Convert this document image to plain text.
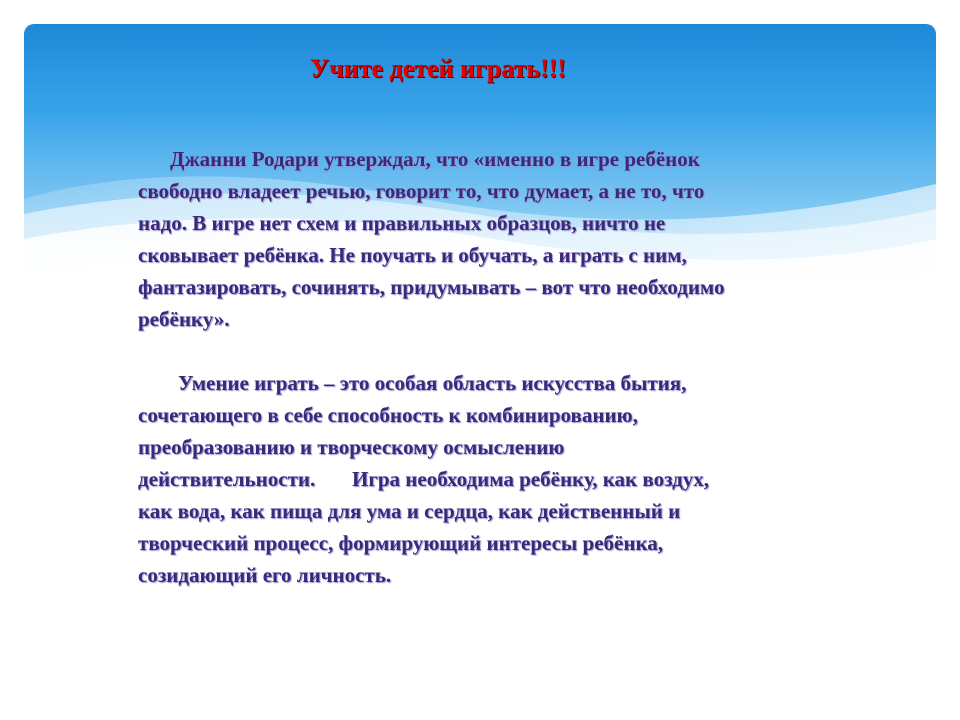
Учите детей играть!!!
Джанни Родари утверждал, что «именно в игре ребёнок
свободно владеет речью, говорит то, что думает, а не то, что
надо. В игре нет схем и правильных образцов, ничто не
сковывает ребёнка. Не поучать и обучать, а играть с ним,
фантазировать, сочинять, придумывать – вот что необходимо
ребёнку».
Умение играть – это особая область искусства бытия,
сочетающего в себе способность к комбинированию,
преобразованию и творческому осмыслению
действительности.       Игра необходима ребёнку, как воздух,
как вода, как пища для ума и сердца, как действенный и
творческий процесс, формирующий интересы ребёнка,
созидающий его личность.
